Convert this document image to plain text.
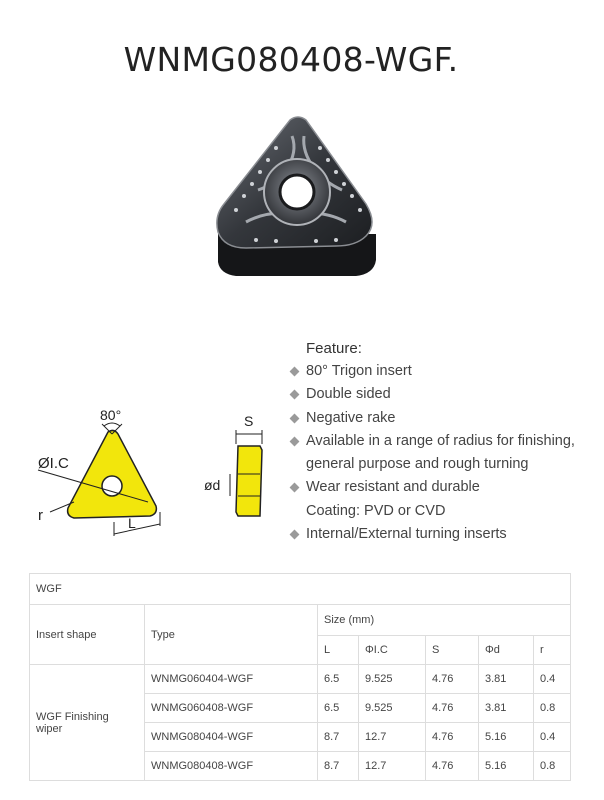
WNMG080408-WGF.
80°
ØI.C
r	L
S
ød
Feature:
80° Trigon insert
Double sided
Negative rake
Available in a range of radius for finishing,
general purpose and rough turning
Wear resistant and durable
Coating: PVD or CVD
Internal/External turning inserts
WGF						
Insert shape	Type	Size (mm)				
		L	ΦI.C	S	Φd	r
WGF Finishing wiper	WNMG060404-WGF	6.5	9.525	4.76	3.81	0.4
	WNMG060408-WGF	6.5	9.525	4.76	3.81	0.8
	WNMG080404-WGF	8.7	12.7	4.76	5.16	0.4
	WNMG080408-WGF	8.7	12.7	4.76	5.16	0.8
